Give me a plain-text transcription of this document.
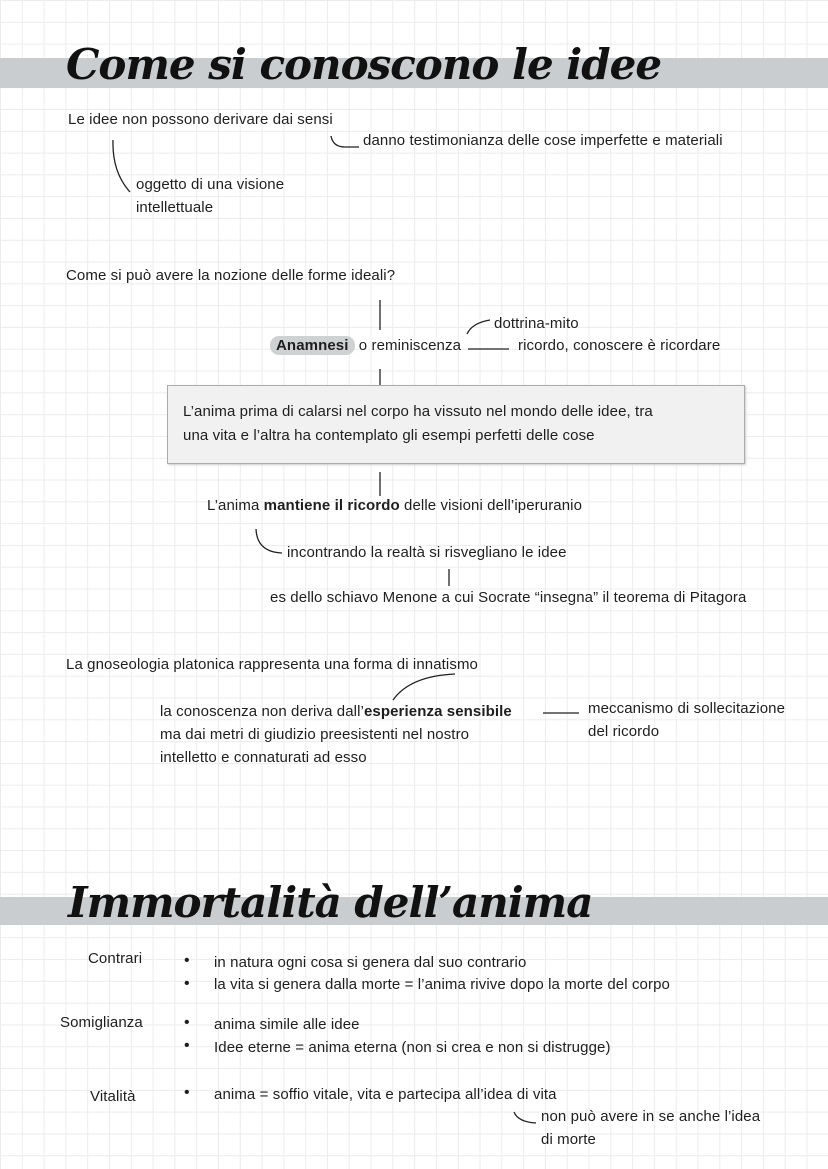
Come si conoscono le idee
Le idee non possono derivare dai sensi
danno testimonianza delle cose imperfette e materiali
oggetto di una visione
intellettuale
Come si può avere la nozione delle forme ideali?
Anamnesi o reminiscenza
dottrina-mito
ricordo, conoscere è ricordare
L’anima prima di calarsi nel corpo ha vissuto nel mondo delle idee, tra
una vita e l’altra ha contemplato gli esempi perfetti delle cose
L’anima mantiene il ricordo delle visioni dell’iperuranio
incontrando la realtà si risvegliano le idee
es dello schiavo Menone a cui Socrate “insegna” il teorema di Pitagora
La gnoseologia platonica rappresenta una forma di innatismo
la conoscenza non deriva dall’esperienza sensibile
ma dai metri di giudizio preesistenti nel nostro
intelletto e connaturati ad esso
meccanismo di sollecitazione
del ricordo
Immortalità dell’anima
Contrari	• in natura ogni cosa si genera dal suo contrario
• la vita si genera dalla morte = l’anima rivive dopo la morte del corpo
Somiglianza	• anima simile alle idee
• Idee eterne = anima eterna (non si crea e non si distrugge)
Vitalità	• anima = soffio vitale, vita e partecipa all’idea di vita
non può avere in se anche l’idea
di morte
